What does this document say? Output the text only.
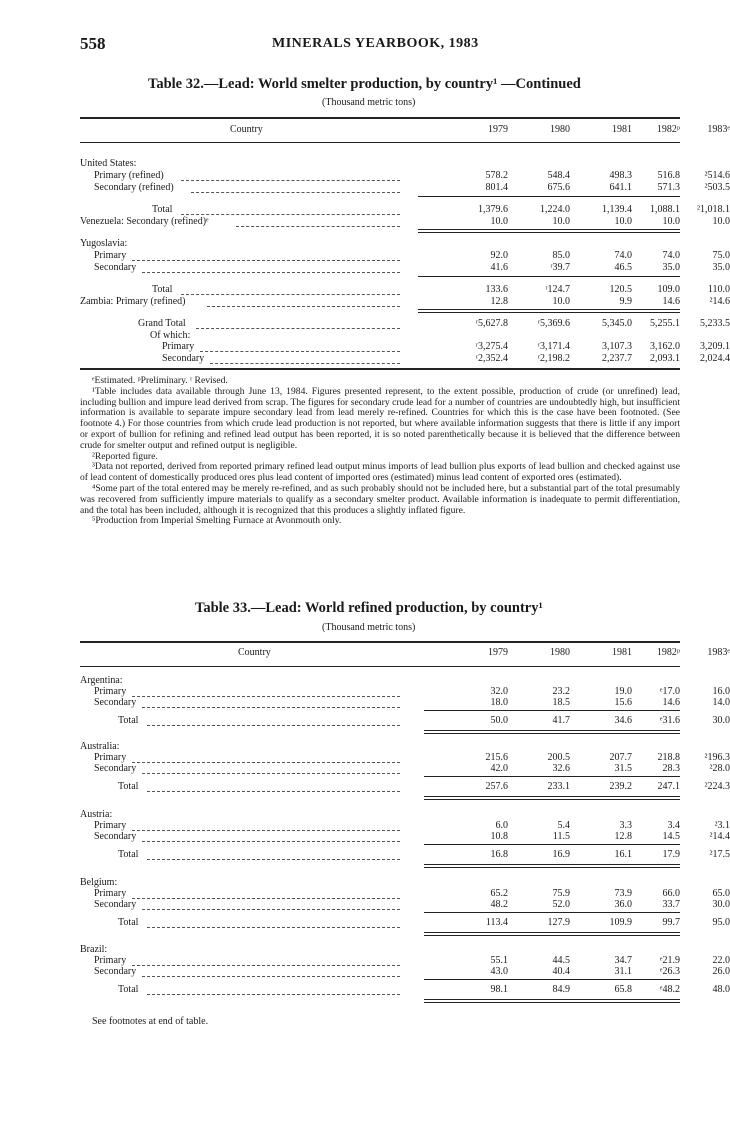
558	MINERALS YEARBOOK, 1983
Table 32.—Lead: World smelter production, by country¹ —Continued
(Thousand metric tons)
Country	1979	1980	1981	1982ᵖ	1983ᵉ
United States:
Primary (refined)	578.2	548.4	498.3	516.8	²514.6
Secondary (refined)	801.4	675.6	641.1	571.3	²503.5
Total	1,379.6	1,224.0	1,139.4	1,088.1	²1,018.1
Venezuela: Secondary (refined)ᵉ	10.0	10.0	10.0	10.0	10.0
Yugoslavia:
Primary	92.0	85.0	74.0	74.0	75.0
Secondary	41.6	ʳ39.7	46.5	35.0	35.0
Total	133.6	ʳ124.7	120.5	109.0	110.0
Zambia: Primary (refined)	12.8	10.0	9.9	14.6	²14.6
Grand Total	ʳ5,627.8	ʳ5,369.6	5,345.0	5,255.1	5,233.5
Of which:
Primary	ʳ3,275.4	ʳ3,171.4	3,107.3	3,162.0	3,209.1
Secondary	ʳ2,352.4	ʳ2,198.2	2,237.7	2,093.1	2,024.4

ᵉEstimated. ᵖPreliminary. ʳ Revised.

¹Table includes data available through June 13, 1984. Figures presented represent, to the extent possible, production of crude (or unrefined) lead, including bullion and impure lead derived from scrap. The figures for secondary crude lead for a number of countries are undoubtedly high, but insufficient information is available to separate impure secondary lead from lead merely re-refined. Countries for which this is the case have been footnoted. (See footnote 4.) For those countries from which crude lead production is not reported, but where available information suggests that there is little if any import or export of bullion for refining and refined lead output has been reported, it is so noted parenthetically because it is believed that the difference between crude for smelter output and refined output is negligible.

²Reported figure.

³Data not reported, derived from reported primary refined lead output minus imports of lead bullion plus exports of lead bullion and checked against use of lead content of domestically produced ores plus lead content of imported ores (estimated) minus lead content of exported ores (estimated).

⁴Some part of the total entered may be merely re-refined, and as such probably should not be included here, but a substantial part of the total presumably was recovered from sufficiently impure materials to qualify as a secondary smelter product. Available information is inadequate to permit differentiation, and the total has been included, although it is recognized that this produces a slightly inflated figure.

⁵Production from Imperial Smelting Furnace at Avonmouth only.

Table 33.—Lead: World refined production, by country¹
(Thousand metric tons)
Country	1979	1980	1981	1982ᵖ	1983ᵉ
Argentina:
Primary	32.0	23.2	19.0	ᵉ17.0	16.0
Secondary	18.0	18.5	15.6	14.6	14.0
Total	50.0	41.7	34.6	ᵉ31.6	30.0
Australia:
Primary	215.6	200.5	207.7	218.8	²196.3
Secondary	42.0	32.6	31.5	28.3	²28.0
Total	257.6	233.1	239.2	247.1	²224.3
Austria:
Primary	6.0	5.4	3.3	3.4	²3.1
Secondary	10.8	11.5	12.8	14.5	²14.4
Total	16.8	16.9	16.1	17.9	²17.5
Belgium:
Primary	65.2	75.9	73.9	66.0	65.0
Secondary	48.2	52.0	36.0	33.7	30.0
Total	113.4	127.9	109.9	99.7	95.0
Brazil:
Primary	55.1	44.5	34.7	ᵉ21.9	22.0
Secondary	43.0	40.4	31.1	ᵉ26.3	26.0
Total	98.1	84.9	65.8	ᵉ48.2	48.0
See footnotes at end of table.
